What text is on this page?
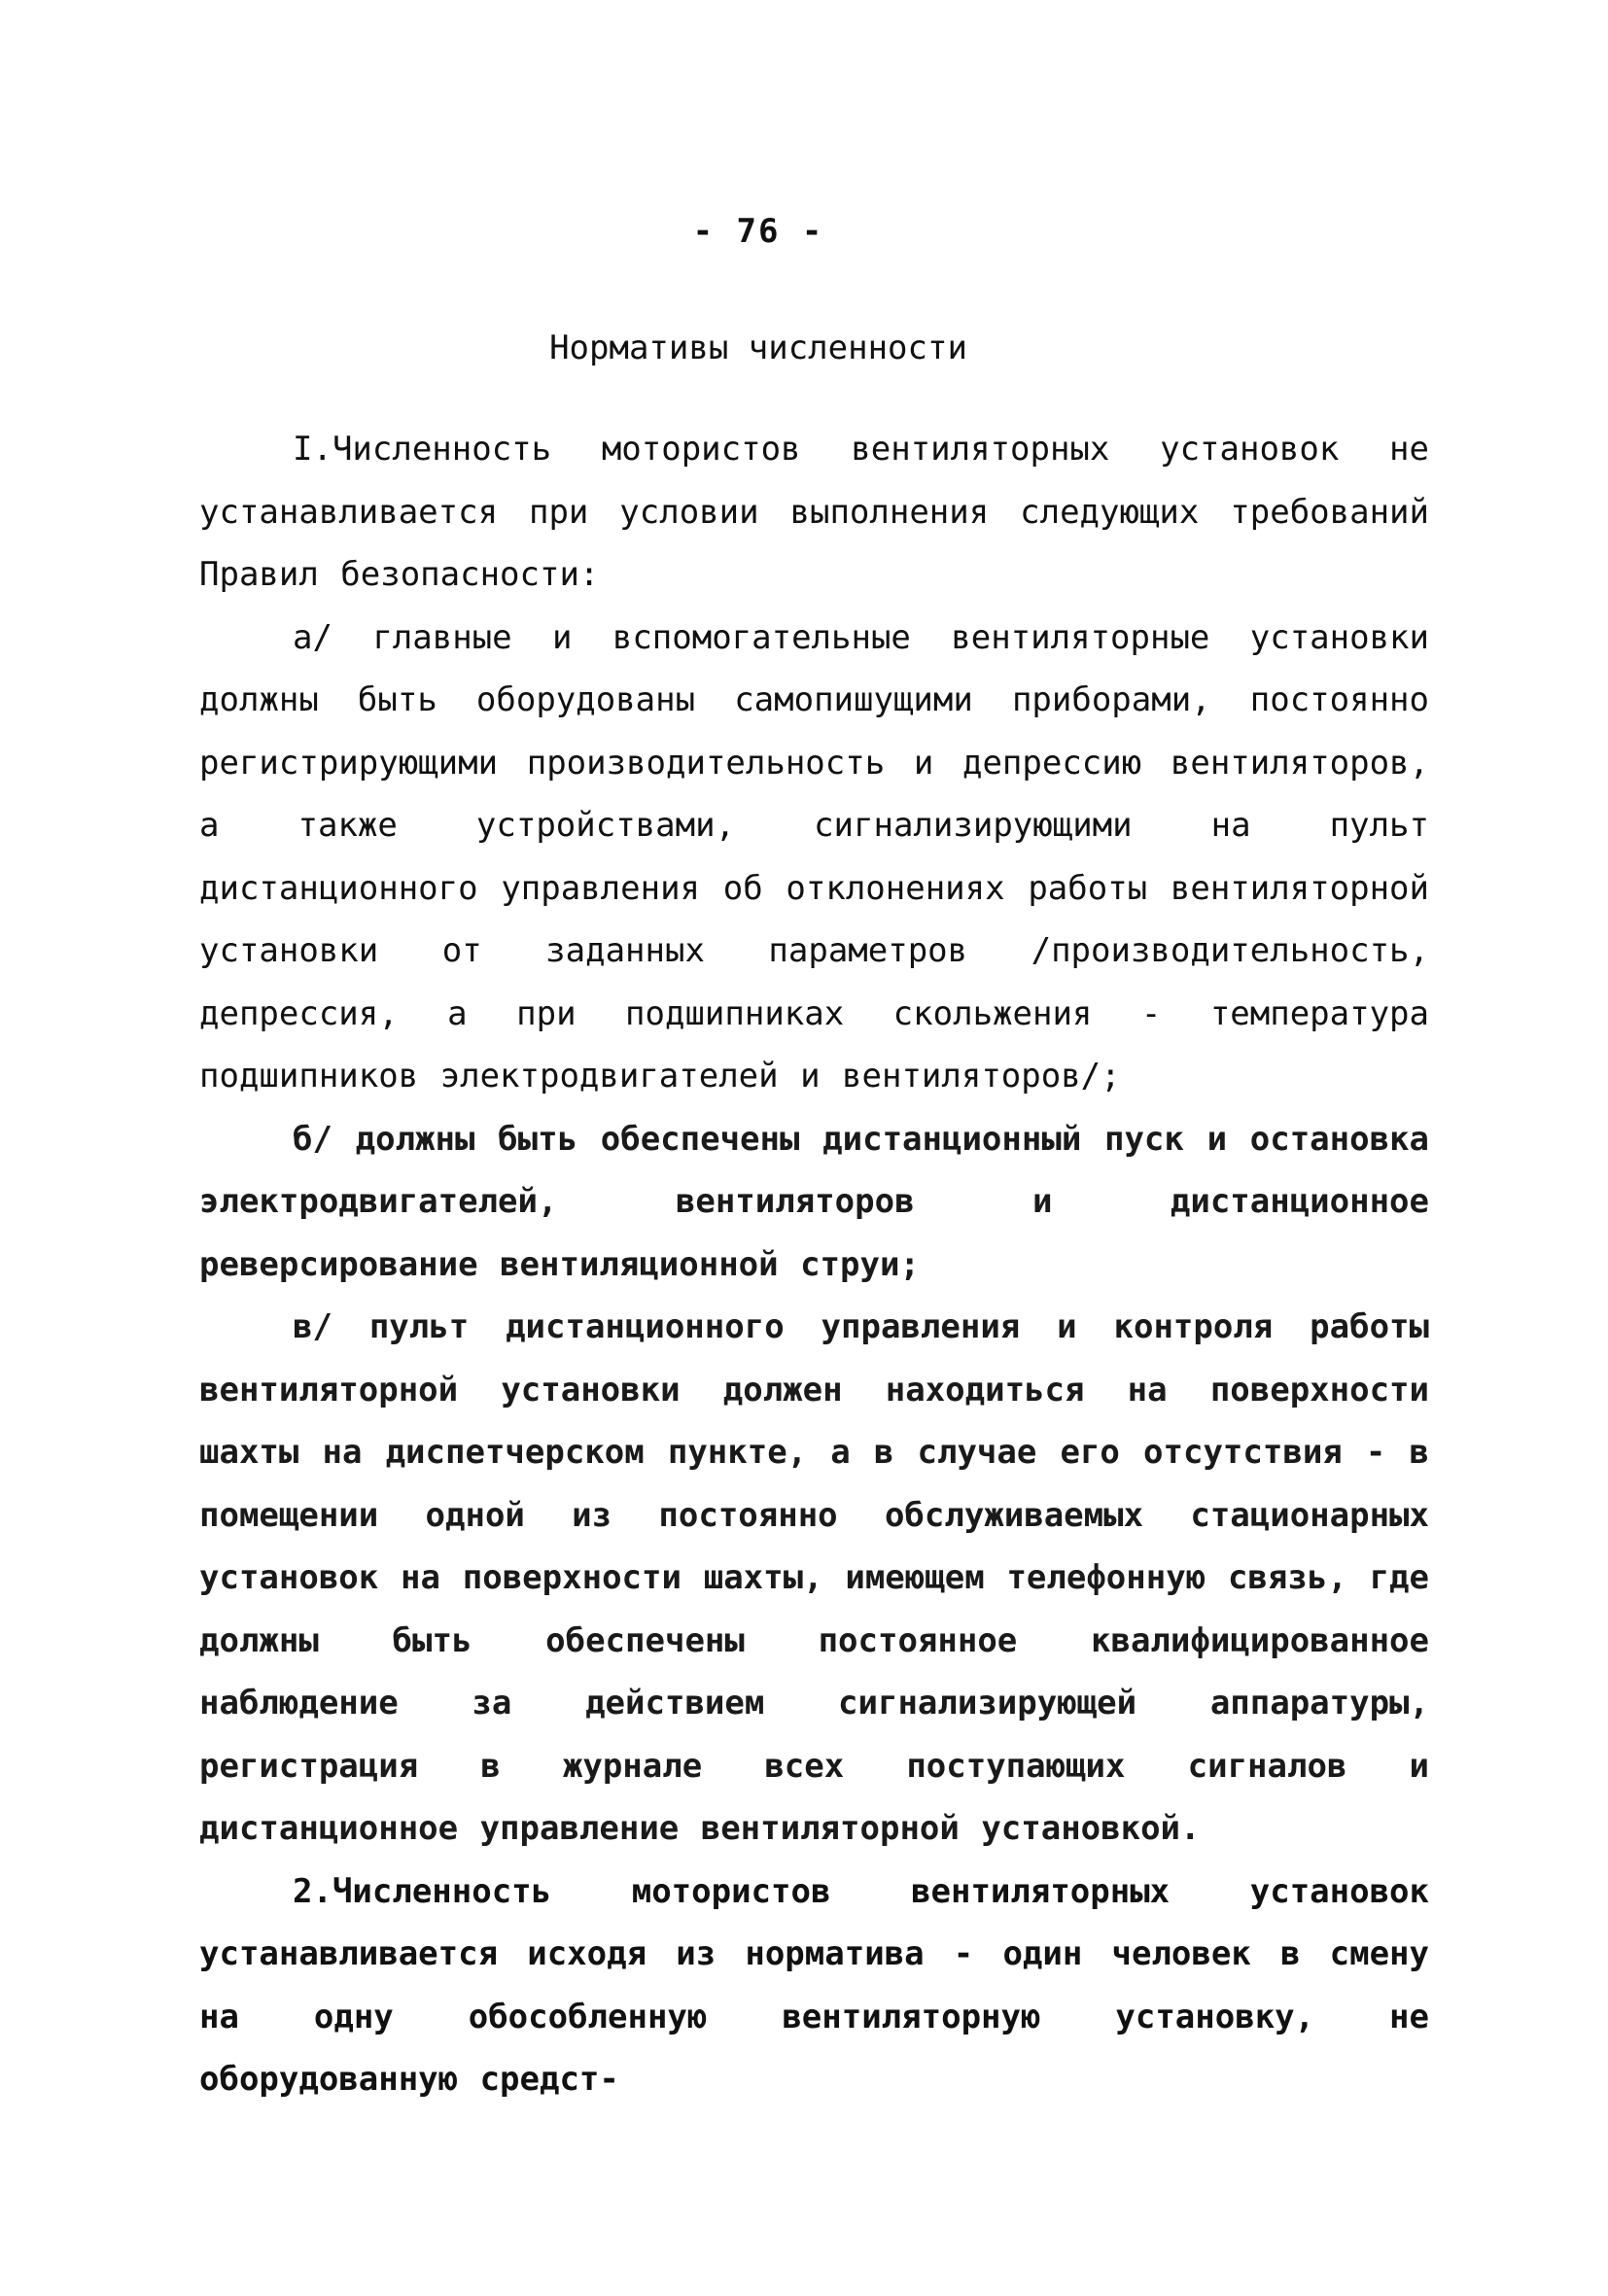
- 76 -
Нормативы численности

I.Численность мотористов вентиляторных установок не устанавливается при условии выполнения следующих требований Правил безопасности:

а/ главные и вспомогательные вентиляторные установки должны быть оборудованы самопишущими приборами, постоянно регистрирующими производительность и депрессию вентиляторов, а также устройствами, сигнализирующими на пульт дистанционного управления об отклонениях работы вентиляторной установки от заданных параметров /производительность, депрессия, а при подшипниках скольжения - температура подшипников электродвигателей и вентиляторов/;

б/ должны быть обеспечены дистанционный пуск и остановка электродвигателей, вентиляторов и дистанционное реверсирование вентиляционной струи;

в/ пульт дистанционного управления и контроля работы вентиляторной установки должен находиться на поверхности шахты на диспетчерском пункте, а в случае его отсутствия - в помещении одной из постоянно обслуживаемых стационарных установок на поверхности шахты, имеющем телефонную связь, где должны быть обеспечены постоянное квалифицированное наблюдение за действием сигнализирующей аппаратуры, регистрация в журнале всех поступающих сигналов и дистанционное управление вентиляторной установкой.

2.Численность мотористов вентиляторных установок устанавливается исходя из норматива - один человек в смену на одну обособленную вентиляторную установку, не оборудованную средст-
